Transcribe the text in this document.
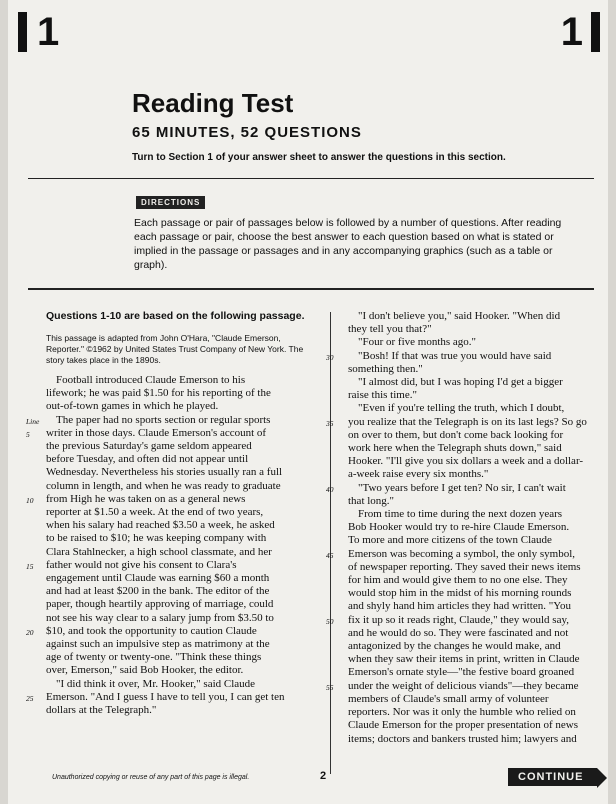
1	1
Reading Test
65 MINUTES, 52 QUESTIONS
Turn to Section 1 of your answer sheet to answer the questions in this section.
DIRECTIONS
Each passage or pair of passages below is followed by a number of questions. After reading each passage or pair, choose the best answer to each question based on what is stated or implied in the passage or passages and in any accompanying graphics (such as a table or graph).
Questions 1-10 are based on the following passage.
This passage is adapted from John O'Hara, "Claude Emerson, Reporter." ©1962 by United States Trust Company of New York. The story takes place in the 1890s.
Football introduced Claude Emerson to his
lifework; he was paid $1.50 for his reporting of the
out-of-town games in which he played.
The paper had no sports section or regular sports
Line
writer in those days. Claude Emerson's account of
5
the previous Saturday's game seldom appeared
before Tuesday, and often did not appear until
Wednesday. Nevertheless his stories usually ran a full
column in length, and when he was ready to graduate
from High he was taken on as a general news
10
reporter at $1.50 a week. At the end of two years,
when his salary had reached $3.50 a week, he asked
to be raised to $10; he was keeping company with
Clara Stahlnecker, a high school classmate, and her
father would not give his consent to Clara's
15
engagement until Claude was earning $60 a month
and had at least $200 in the bank. The editor of the
paper, though heartily approving of marriage, could
not see his way clear to a salary jump from $3.50 to
$10, and took the opportunity to caution Claude
20
against such an impulsive step as matrimony at the
age of twenty or twenty-one. "Think these things
over, Emerson," said Bob Hooker, the editor.
"I did think it over, Mr. Hooker," said Claude
Emerson. "And I guess I have to tell you, I can get ten
25
dollars at the Telegraph."
"I don't believe you," said Hooker. "When did
they tell you that?"
"Four or five months ago."
"Bosh! If that was true you would have said
30
something then."
"I almost did, but I was hoping I'd get a bigger
raise this time."
"Even if you're telling the truth, which I doubt,
you realize that the Telegraph is on its last legs? So go
35
on over to them, but don't come back looking for
work here when the Telegraph shuts down," said
Hooker. "I'll give you six dollars a week and a dollar-
a-week raise every six months."
"Two years before I get ten? No sir, I can't wait
40
that long."
From time to time during the next dozen years
Bob Hooker would try to re-hire Claude Emerson.
To more and more citizens of the town Claude
Emerson was becoming a symbol, the only symbol,
45
of newspaper reporting. They saved their news items
for him and would give them to no one else. They
would stop him in the midst of his morning rounds
and shyly hand him articles they had written. "You
fix it up so it reads right, Claude," they would say,
50
and he would do so. They were fascinated and not
antagonized by the changes he would make, and
when they saw their items in print, written in Claude
Emerson's ornate style—"the festive board groaned
under the weight of delicious viands"—they became
55
members of Claude's small army of volunteer
reporters. Nor was it only the humble who relied on
Claude Emerson for the proper presentation of news
items; doctors and bankers trusted him; lawyers and
Unauthorized copying or reuse of any part of this page is illegal.	2	CONTINUE
